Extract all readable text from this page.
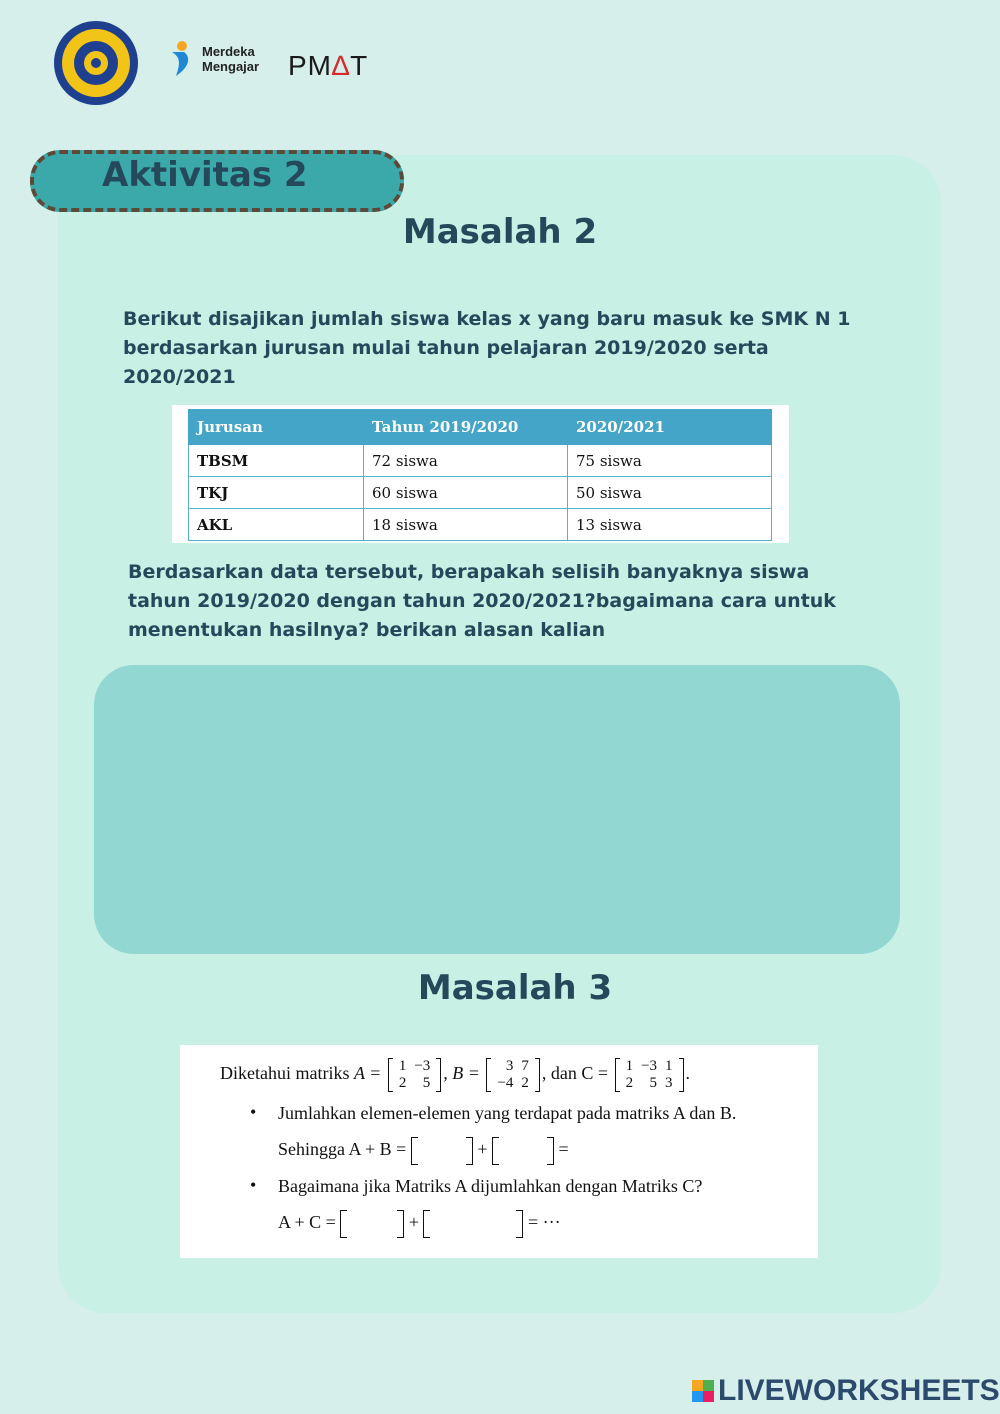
Merdeka
Mengajar PM∆T
Aktivitas 2
Masalah 2
Berikut disajikan jumlah siswa kelas x yang baru masuk ke SMK N 1
berdasarkan jurusan mulai tahun pelajaran 2019/2020 serta
2020/2021
Jurusan	Tahun 2019/2020	2020/2021
TBSM	72 siswa	75 siswa
TKJ	60 siswa	50 siswa
AKL	18 siswa	13 siswa
Berdasarkan data tersebut, berapakah selisih banyaknya siswa
tahun 2019/2020 dengan tahun 2020/2021?bagaimana cara untuk
menentukan hasilnya? berikan alasan kalian
Masalah 3
Diketahui matriks A = 1	−3
2	5 , B = 3	7
−4	2 , dan C = 1	−3	1
2	5	3 .
• Jumlahkan elemen-elemen yang terdapat pada matriks A dan B.
Sehingga A + B =	+	=
• Bagaimana jika Matriks A dijumlahkan dengan Matriks C?
A + C =	+	= ···
LIVEWORKSHEETS
